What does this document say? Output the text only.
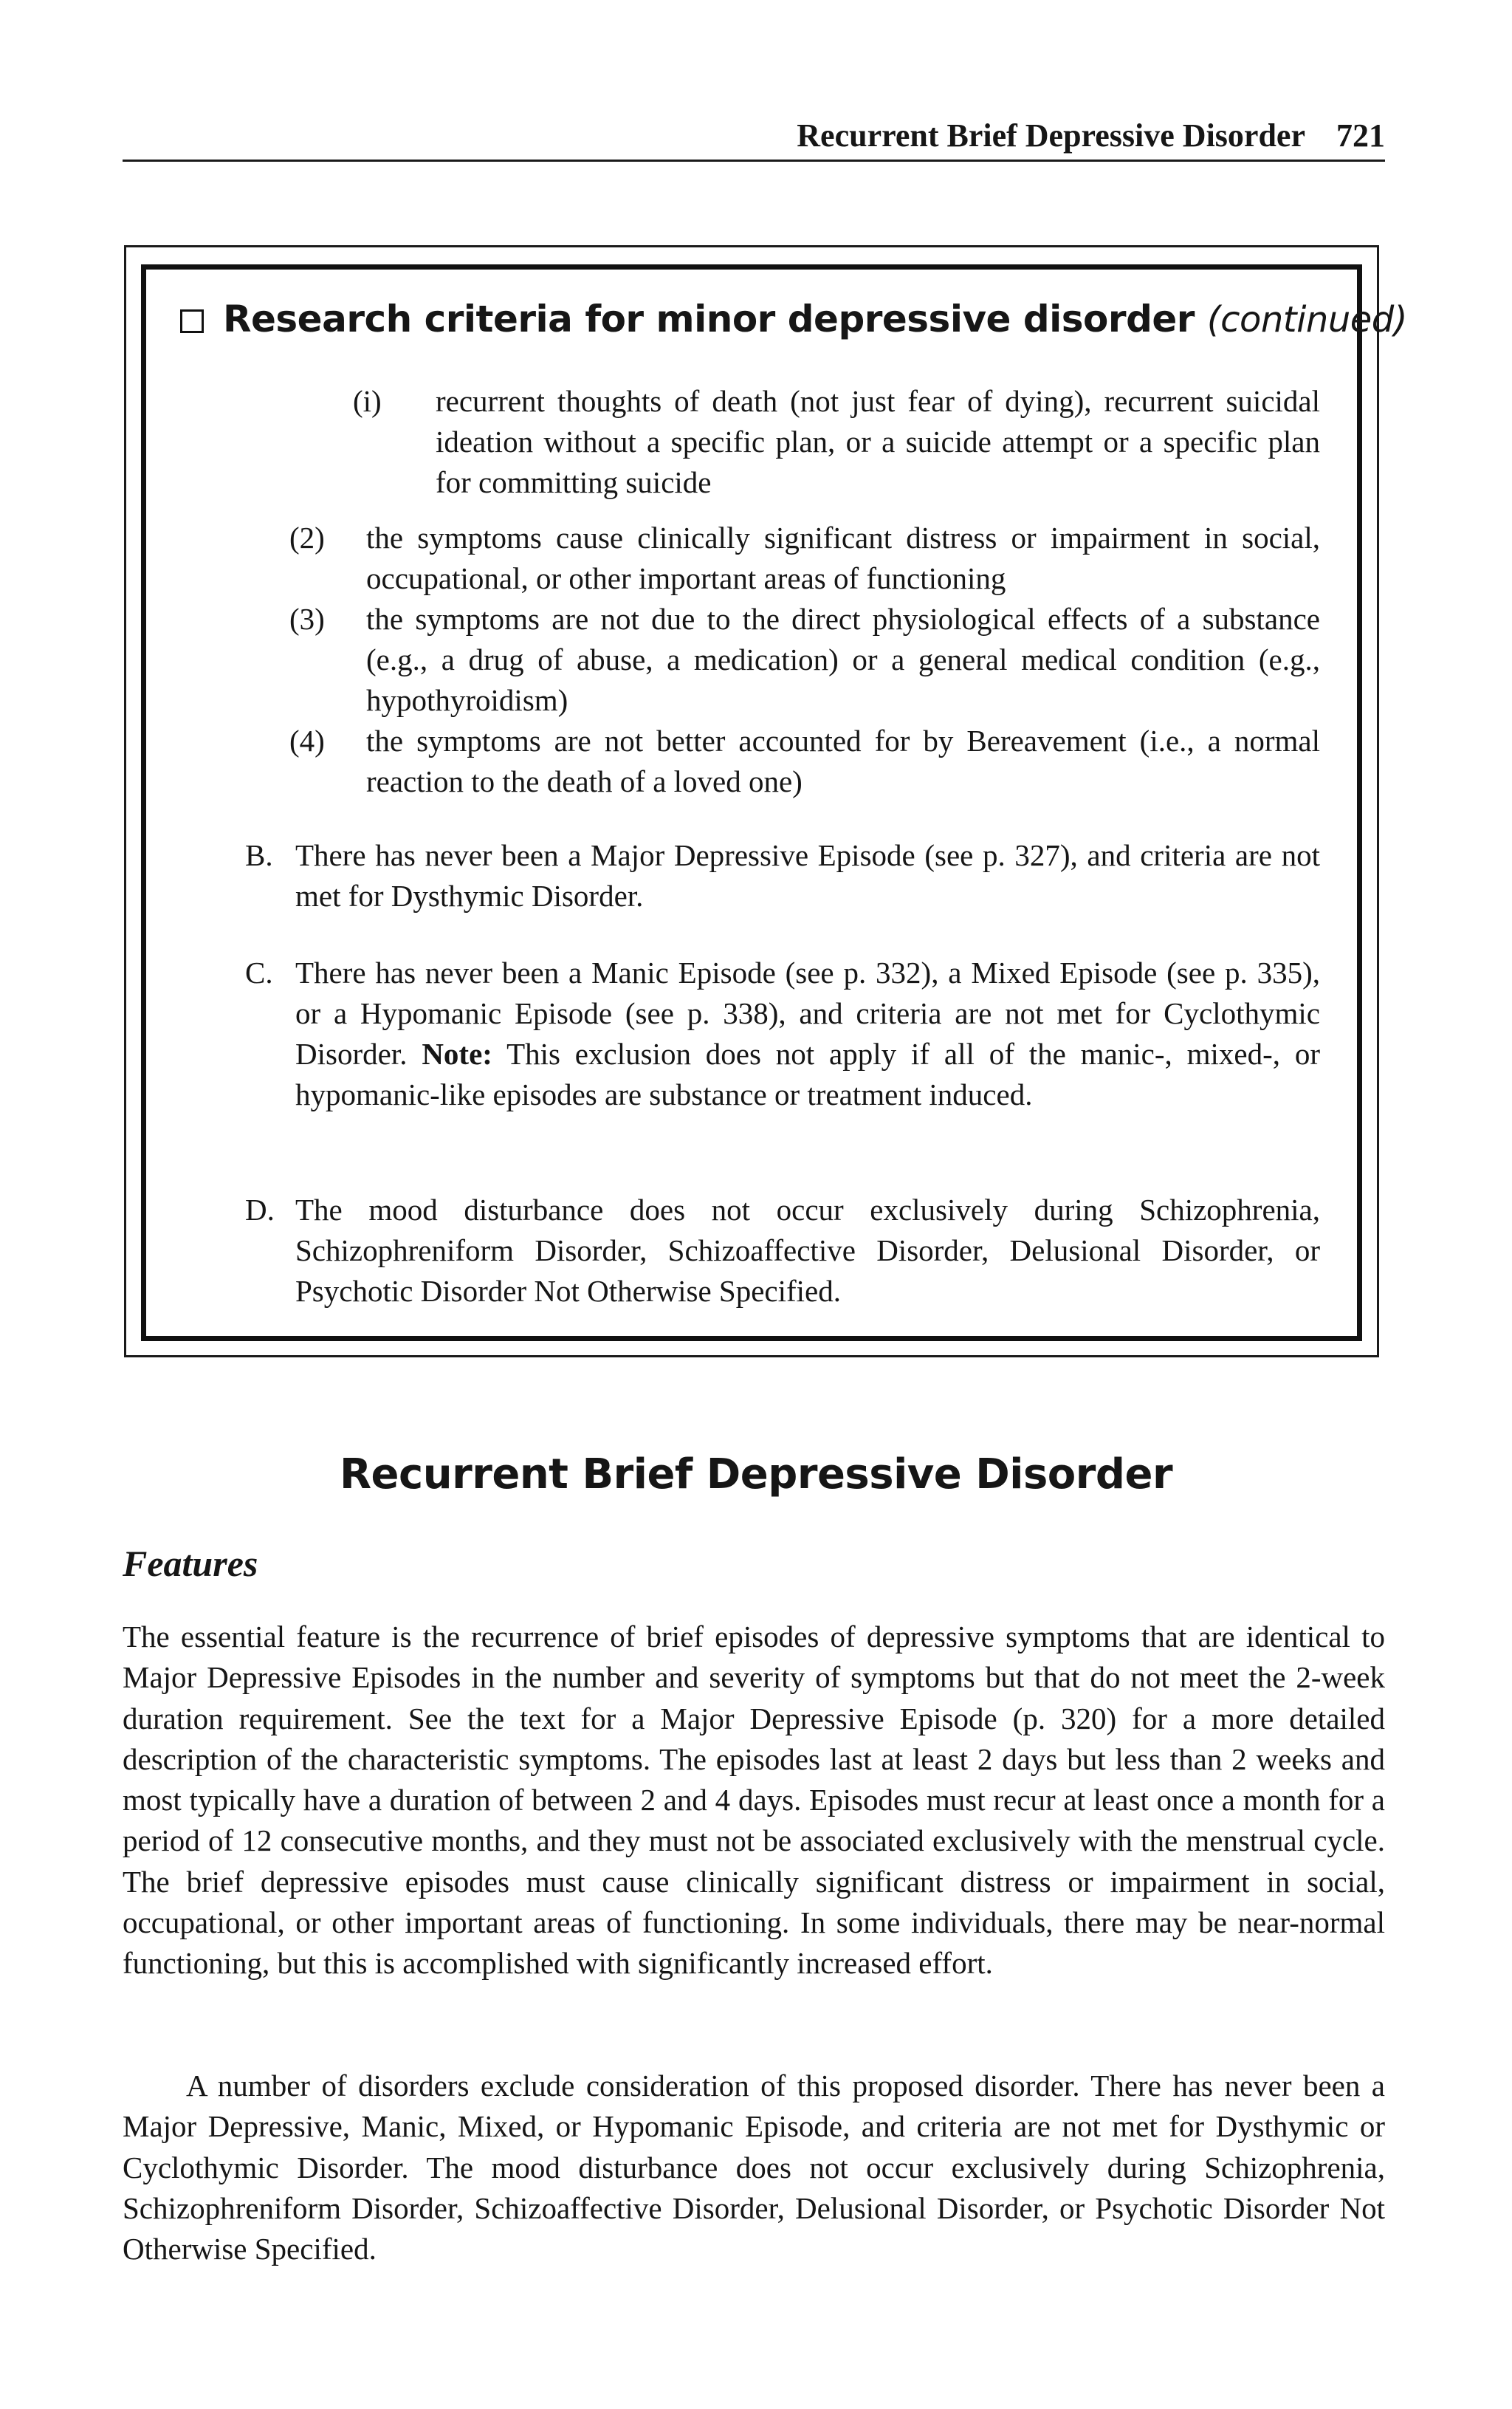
Recurrent Brief Depressive Disorder 721
Research criteria for minor depressive disorder (continued)
(i)	recurrent thoughts of death (not just fear of dying), recurrent suicidal ideation without a specific plan, or a suicide attempt or a specific plan for committing suicide
(2)	the symptoms cause clinically significant distress or impairment in social, occupational, or other important areas of functioning
(3)	the symptoms are not due to the direct physiological effects of a substance (e.g., a drug of abuse, a medication) or a general medical condition (e.g., hypothyroidism)
(4)	the symptoms are not better accounted for by Bereavement (i.e., a normal reaction to the death of a loved one)
B. There has never been a Major Depressive Episode (see p. 327), and criteria are not met for Dysthymic Disorder.
C. There has never been a Manic Episode (see p. 332), a Mixed Episode (see p. 335), or a Hypomanic Episode (see p. 338), and criteria are not met for Cyclothymic Disorder. Note: This exclusion does not apply if all of the manic-, mixed-, or hypomanic-like episodes are substance or treatment induced.
D. The mood disturbance does not occur exclusively during Schizophrenia, Schizophreniform Disorder, Schizoaffective Disorder, Delusional Disorder, or Psychotic Disorder Not Otherwise Specified.
Recurrent Brief Depressive Disorder
Features
The essential feature is the recurrence of brief episodes of depressive symptoms that are identical to Major Depressive Episodes in the number and severity of symptoms but that do not meet the 2-week duration requirement. See the text for a Major Depressive Episode (p. 320) for a more detailed description of the characteristic symptoms. The episodes last at least 2 days but less than 2 weeks and most typically have a duration of between 2 and 4 days. Episodes must recur at least once a month for a period of 12 consecutive months, and they must not be associated exclusively with the menstrual cycle. The brief depressive episodes must cause clinically significant distress or impairment in social, occupational, or other important areas of functioning. In some individuals, there may be near-normal functioning, but this is accomplished with significantly increased effort.
A number of disorders exclude consideration of this proposed disorder. There has never been a Major Depressive, Manic, Mixed, or Hypomanic Episode, and criteria are not met for Dysthymic or Cyclothymic Disorder. The mood disturbance does not occur exclusively during Schizophrenia, Schizophreniform Disorder, Schizoaffective Disorder, Delusional Disorder, or Psychotic Disorder Not Otherwise Specified.
